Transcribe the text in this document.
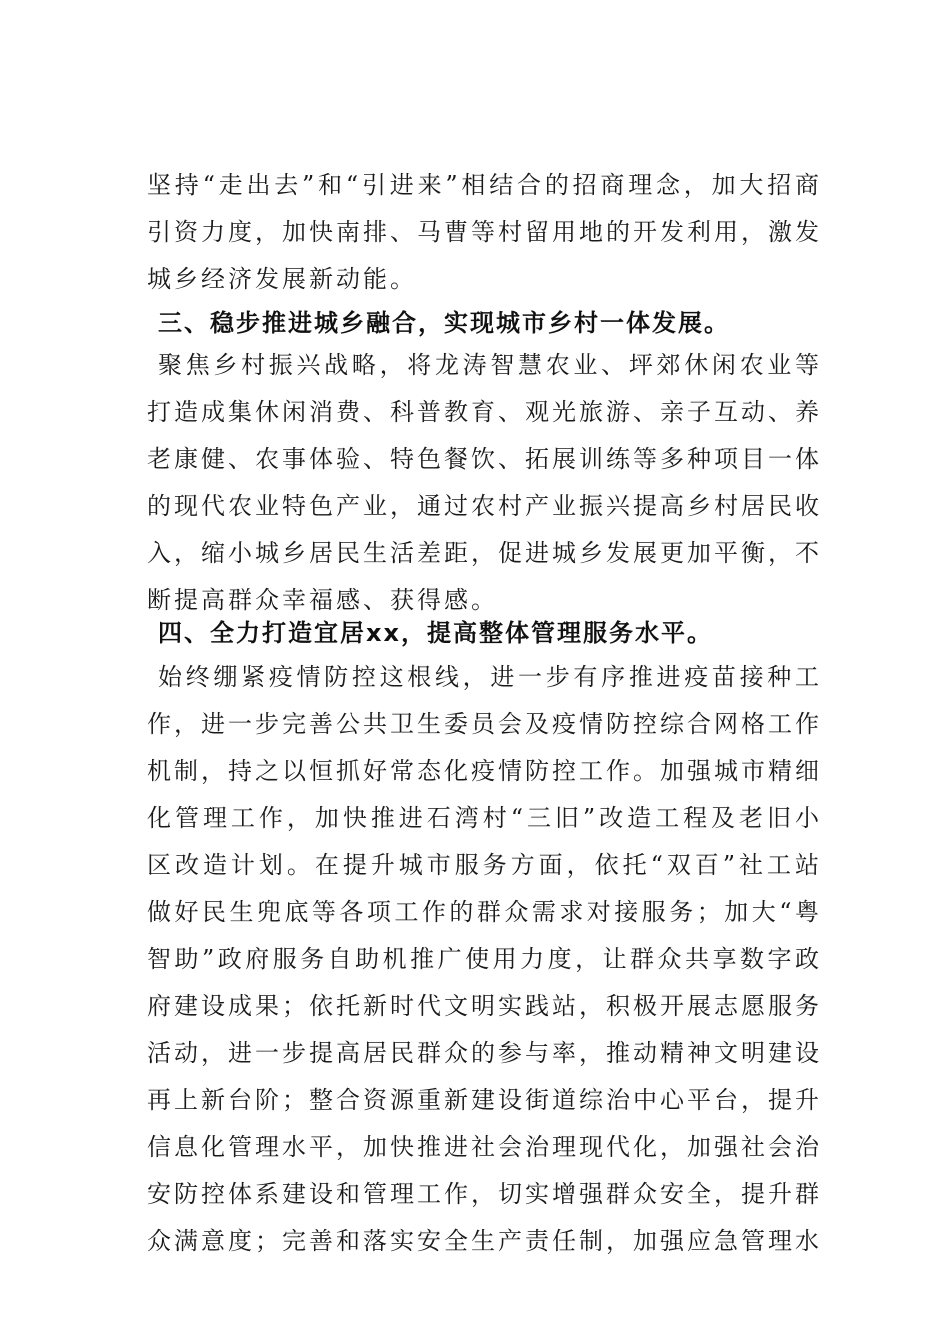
坚持“走出去”和“引进来”相结合的招商理念，加大招商引资力度，加快南排、马曹等村留用地的开发利用，激发城乡经济发展新动能。

三、稳步推进城乡融合，实现城市乡村一体发展。

聚焦乡村振兴战略，将龙涛智慧农业、坪郊休闲农业等打造成集休闲消费、科普教育、观光旅游、亲子互动、养老康健、农事体验、特色餐饮、拓展训练等多种项目一体的现代农业特色产业，通过农村产业振兴提高乡村居民收入，缩小城乡居民生活差距，促进城乡发展更加平衡，不断提高群众幸福感、获得感。

四、全力打造宜居xx，提高整体管理服务水平。

始终绷紧疫情防控这根线，进一步有序推进疫苗接种工作，进一步完善公共卫生委员会及疫情防控综合网格工作机制，持之以恒抓好常态化疫情防控工作。加强城市精细化管理工作，加快推进石湾村“三旧”改造工程及老旧小区改造计划。在提升城市服务方面，依托“双百”社工站做好民生兜底等各项工作的群众需求对接服务；加大“粤智助”政府服务自助机推广使用力度，让群众共享数字政府建设成果；依托新时代文明实践站，积极开展志愿服务活动，进一步提高居民群众的参与率，推动精神文明建设再上新台阶；整合资源重新建设街道综治中心平台，提升信息化管理水平，加快推进社会治理现代化，加强社会治安防控体系建设和管理工作，切实增强群众安全，提升群众满意度；完善和落实安全生产责任制，加强应急管理水
